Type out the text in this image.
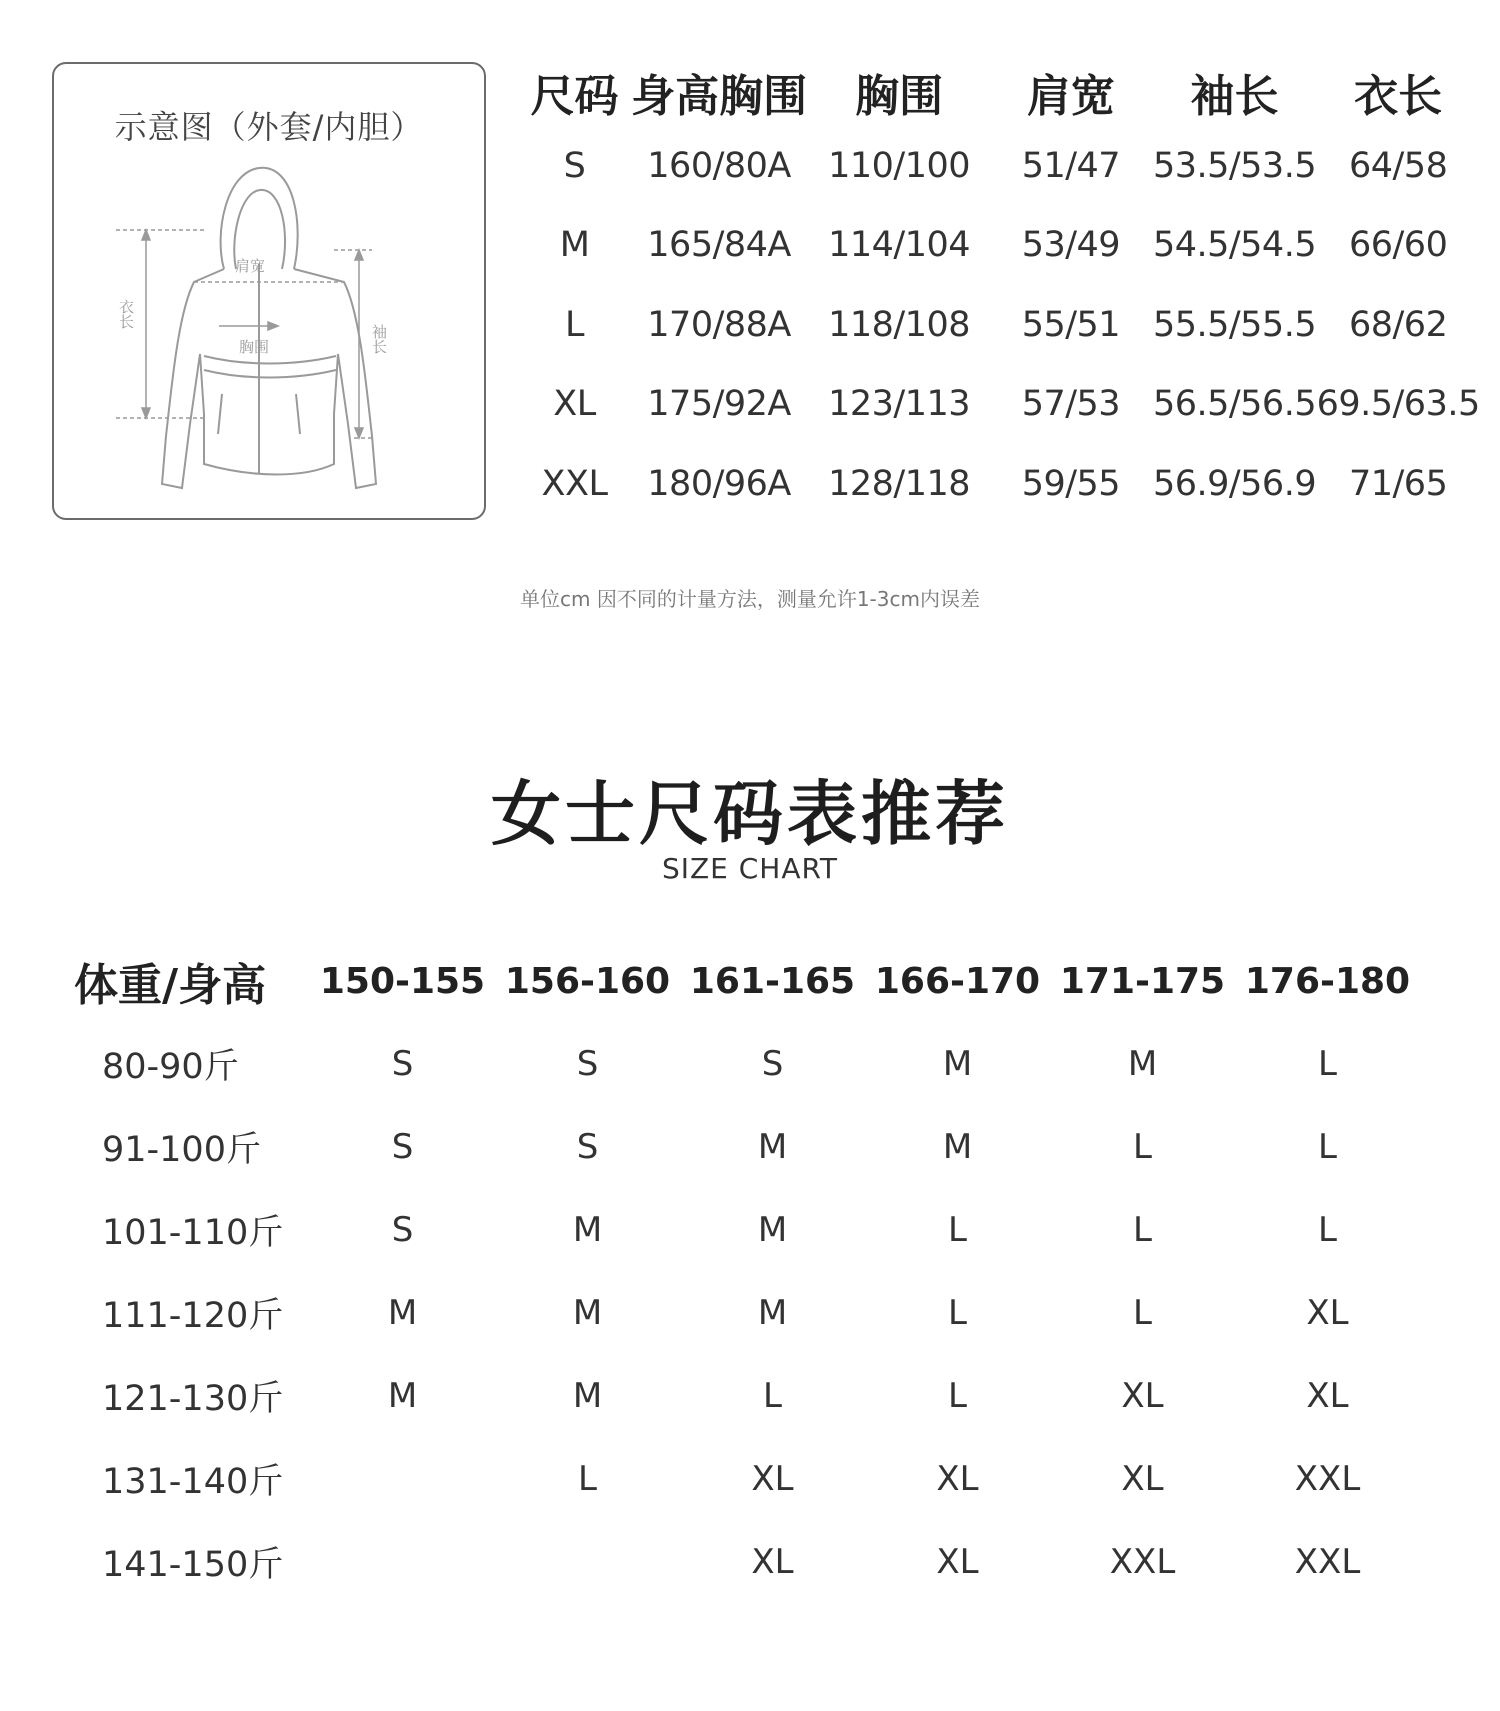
示意图（外套/内胆）
肩宽
胸围
衣长
袖长
尺码	身高胸围	胸围	肩宽	袖长	衣长
S	160/80A	110/100	51/47	53.5/53.5	64/58
M	165/84A	114/104	53/49	54.5/54.5	66/60
L	170/88A	118/108	55/51	55.5/55.5	68/62
XL	175/92A	123/113	57/53	56.5/56.5	69.5/63.5
XXL	180/96A	128/118	59/55	56.9/56.9	71/65
单位cm 因不同的计量方法，测量允许1-3cm内误差
女士尺码表推荐
SIZE CHART
体重/身高	150-155	156-160	161-165	166-170	171-175	176-180
80-90斤	S	S	S	M	M	L
91-100斤	S	S	M	M	L	L
101-110斤	S	M	M	L	L	L
111-120斤	M	M	M	L	L	XL
121-130斤	M	M	L	L	XL	XL
131-140斤		L	XL	XL	XL	XXL
141-150斤			XL	XL	XXL	XXL
